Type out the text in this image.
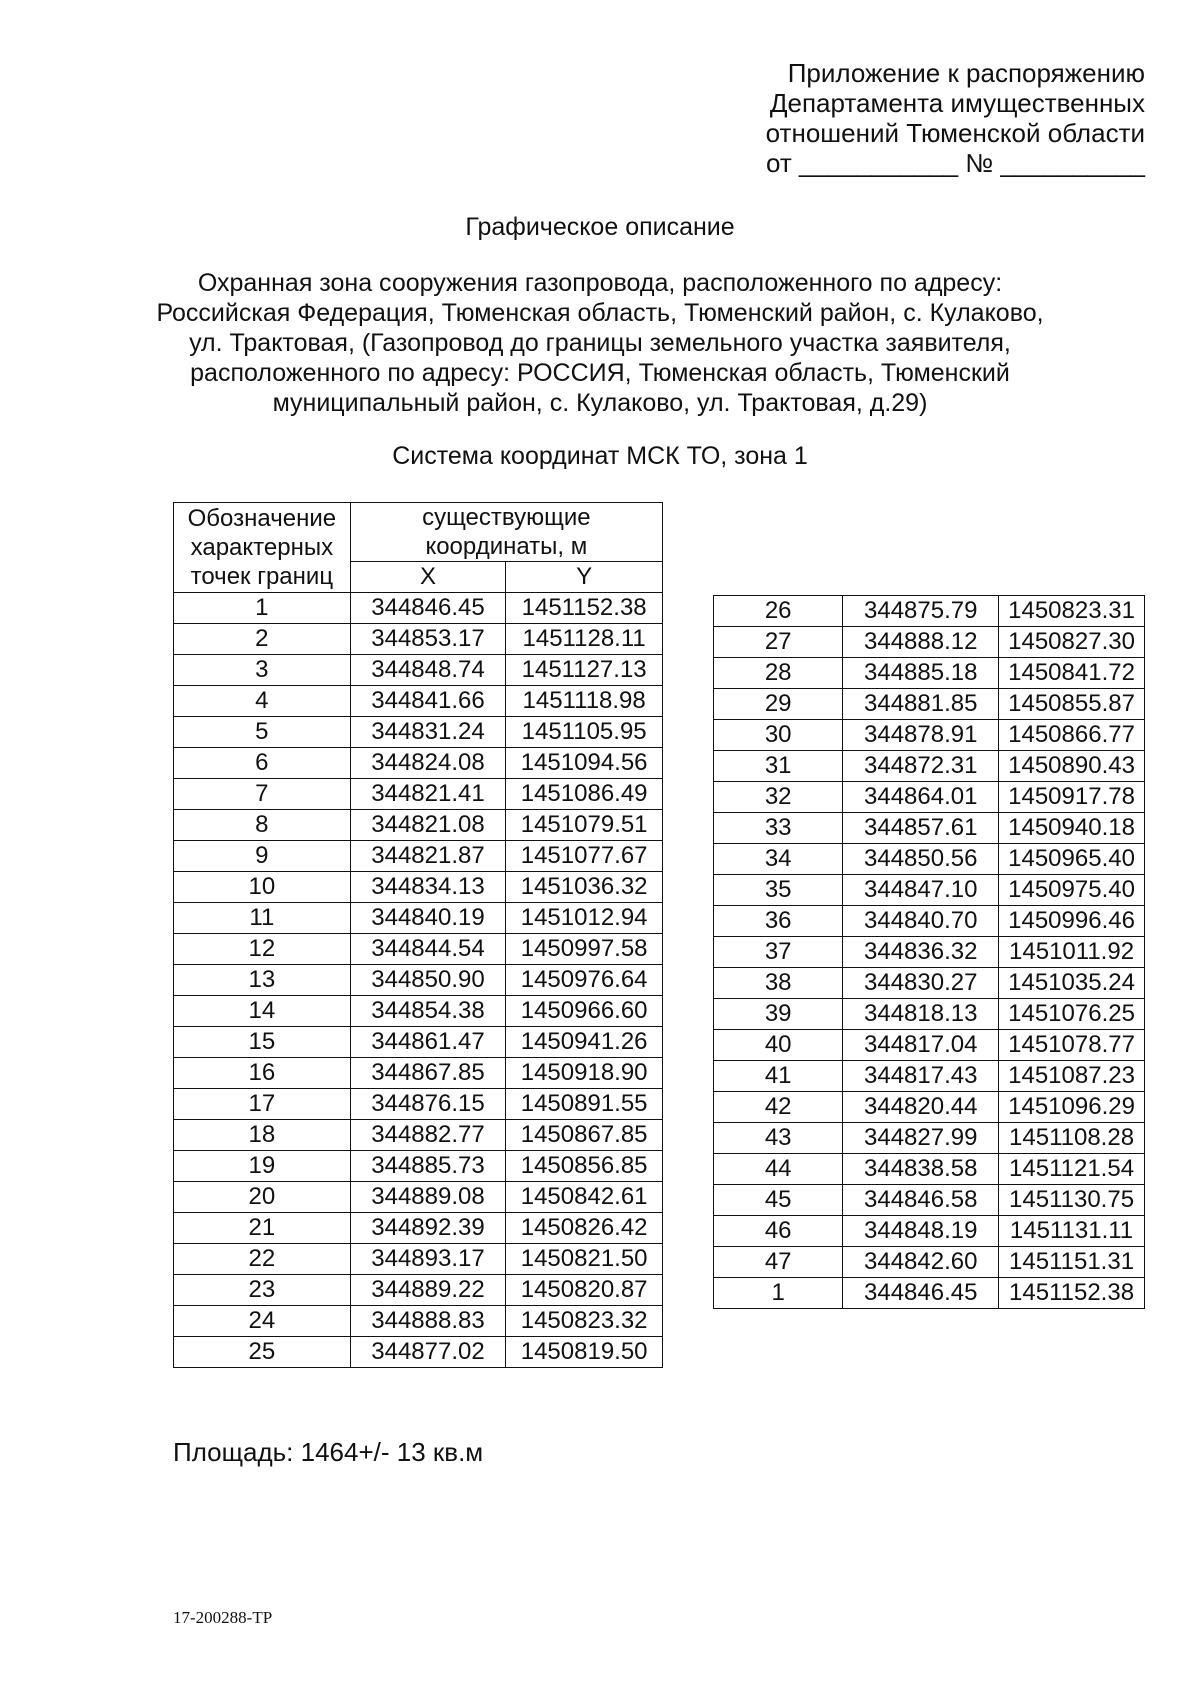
Приложение к распоряжению
Департамента имущественных
отношений Тюменской области
от ___________ № __________
Графическое описание
Охранная зона сооружения газопровода, расположенного по адресу:
Российская Федерация, Тюменская область, Тюменский район, с. Кулаково,
ул. Трактовая, (Газопровод до границы земельного участка заявителя,
расположенного по адресу: РОССИЯ, Тюменская область, Тюменский
муниципальный район, с. Кулаково, ул. Трактовая, д.29)
Система координат МСК ТО, зона 1
Обозначение характерных точек границ	существующие координаты, м	
	X	Y
1	344846.45	1451152.38
2	344853.17	1451128.11
3	344848.74	1451127.13
4	344841.66	1451118.98
5	344831.24	1451105.95
6	344824.08	1451094.56
7	344821.41	1451086.49
8	344821.08	1451079.51
9	344821.87	1451077.67
10	344834.13	1451036.32
11	344840.19	1451012.94
12	344844.54	1450997.58
13	344850.90	1450976.64
14	344854.38	1450966.60
15	344861.47	1450941.26
16	344867.85	1450918.90
17	344876.15	1450891.55
18	344882.77	1450867.85
19	344885.73	1450856.85
20	344889.08	1450842.61
21	344892.39	1450826.42
22	344893.17	1450821.50
23	344889.22	1450820.87
24	344888.83	1450823.32
25	344877.02	1450819.50
26	344875.79	1450823.31
27	344888.12	1450827.30
28	344885.18	1450841.72
29	344881.85	1450855.87
30	344878.91	1450866.77
31	344872.31	1450890.43
32	344864.01	1450917.78
33	344857.61	1450940.18
34	344850.56	1450965.40
35	344847.10	1450975.40
36	344840.70	1450996.46
37	344836.32	1451011.92
38	344830.27	1451035.24
39	344818.13	1451076.25
40	344817.04	1451078.77
41	344817.43	1451087.23
42	344820.44	1451096.29
43	344827.99	1451108.28
44	344838.58	1451121.54
45	344846.58	1451130.75
46	344848.19	1451131.11
47	344842.60	1451151.31
1	344846.45	1451152.38
Площадь: 1464+/- 13 кв.м
17-200288-ТР
